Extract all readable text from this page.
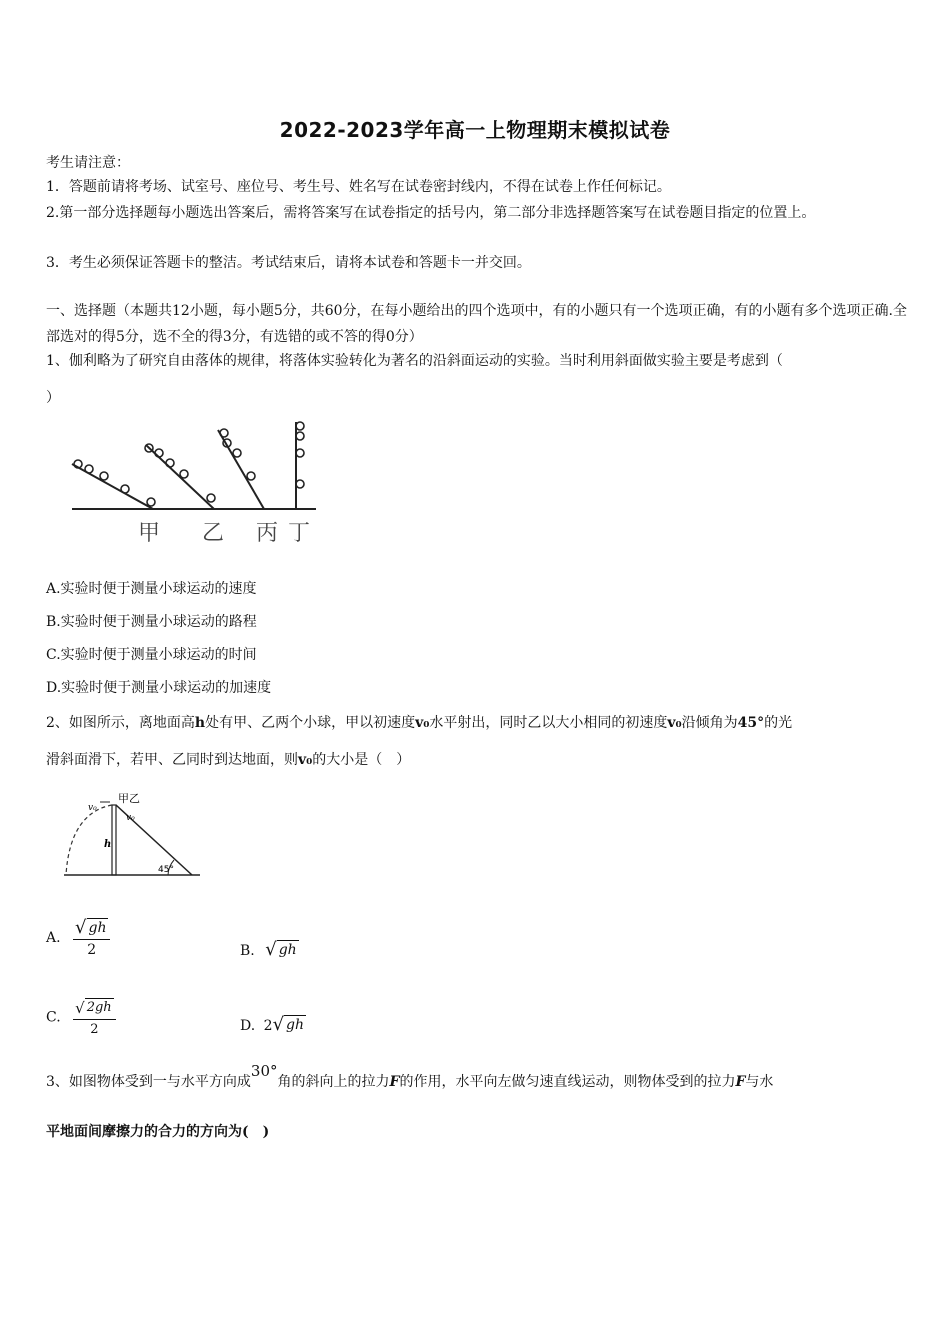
2022-2023学年高一上物理期末模拟试卷
考生请注意：
1．答题前请将考场、试室号、座位号、考生号、姓名写在试卷密封线内，不得在试卷上作任何标记。
2.第一部分选择题每小题选出答案后，需将答案写在试卷指定的括号内，第二部分非选择题答案写在试卷题目指定的位置上。
3．考生必须保证答题卡的整洁。考试结束后，请将本试卷和答题卡一并交回。
一、选择题（本题共12小题，每小题5分，共60分，在每小题给出的四个选项中，有的小题只有一个选项正确，有的小题有多个选项正确.全部选对的得5分，选不全的得3分，有选错的或不答的得0分）
1、伽利略为了研究自由落体的规律，将落体实验转化为著名的沿斜面运动的实验。当时利用斜面做实验主要是考虑到（
）
甲 乙 丙 丁
A.实验时便于测量小球运动的速度
B.实验时便于测量小球运动的路程
C.实验时便于测量小球运动的时间
D.实验时便于测量小球运动的加速度
2、如图所示，离地面高h处有甲、乙两个小球，甲以初速度v₀水平射出，同时乙以大小相同的初速度v₀沿倾角为45°的光
滑斜面滑下，若甲、乙同时到达地面，则v₀的大小是（　）
甲乙
v₀
v₀
h
45°
A. $\frac{√ gh}{2}$	B. √ gh
C. $\frac{√ 2gh}{2}$	D. 2 √ gh
3、如图物体受到一与水平方向成30°角的斜向上的拉力F的作用，水平向左做匀速直线运动，则物体受到的拉力F与水
平地面间摩擦力的合力的方向为(　)
